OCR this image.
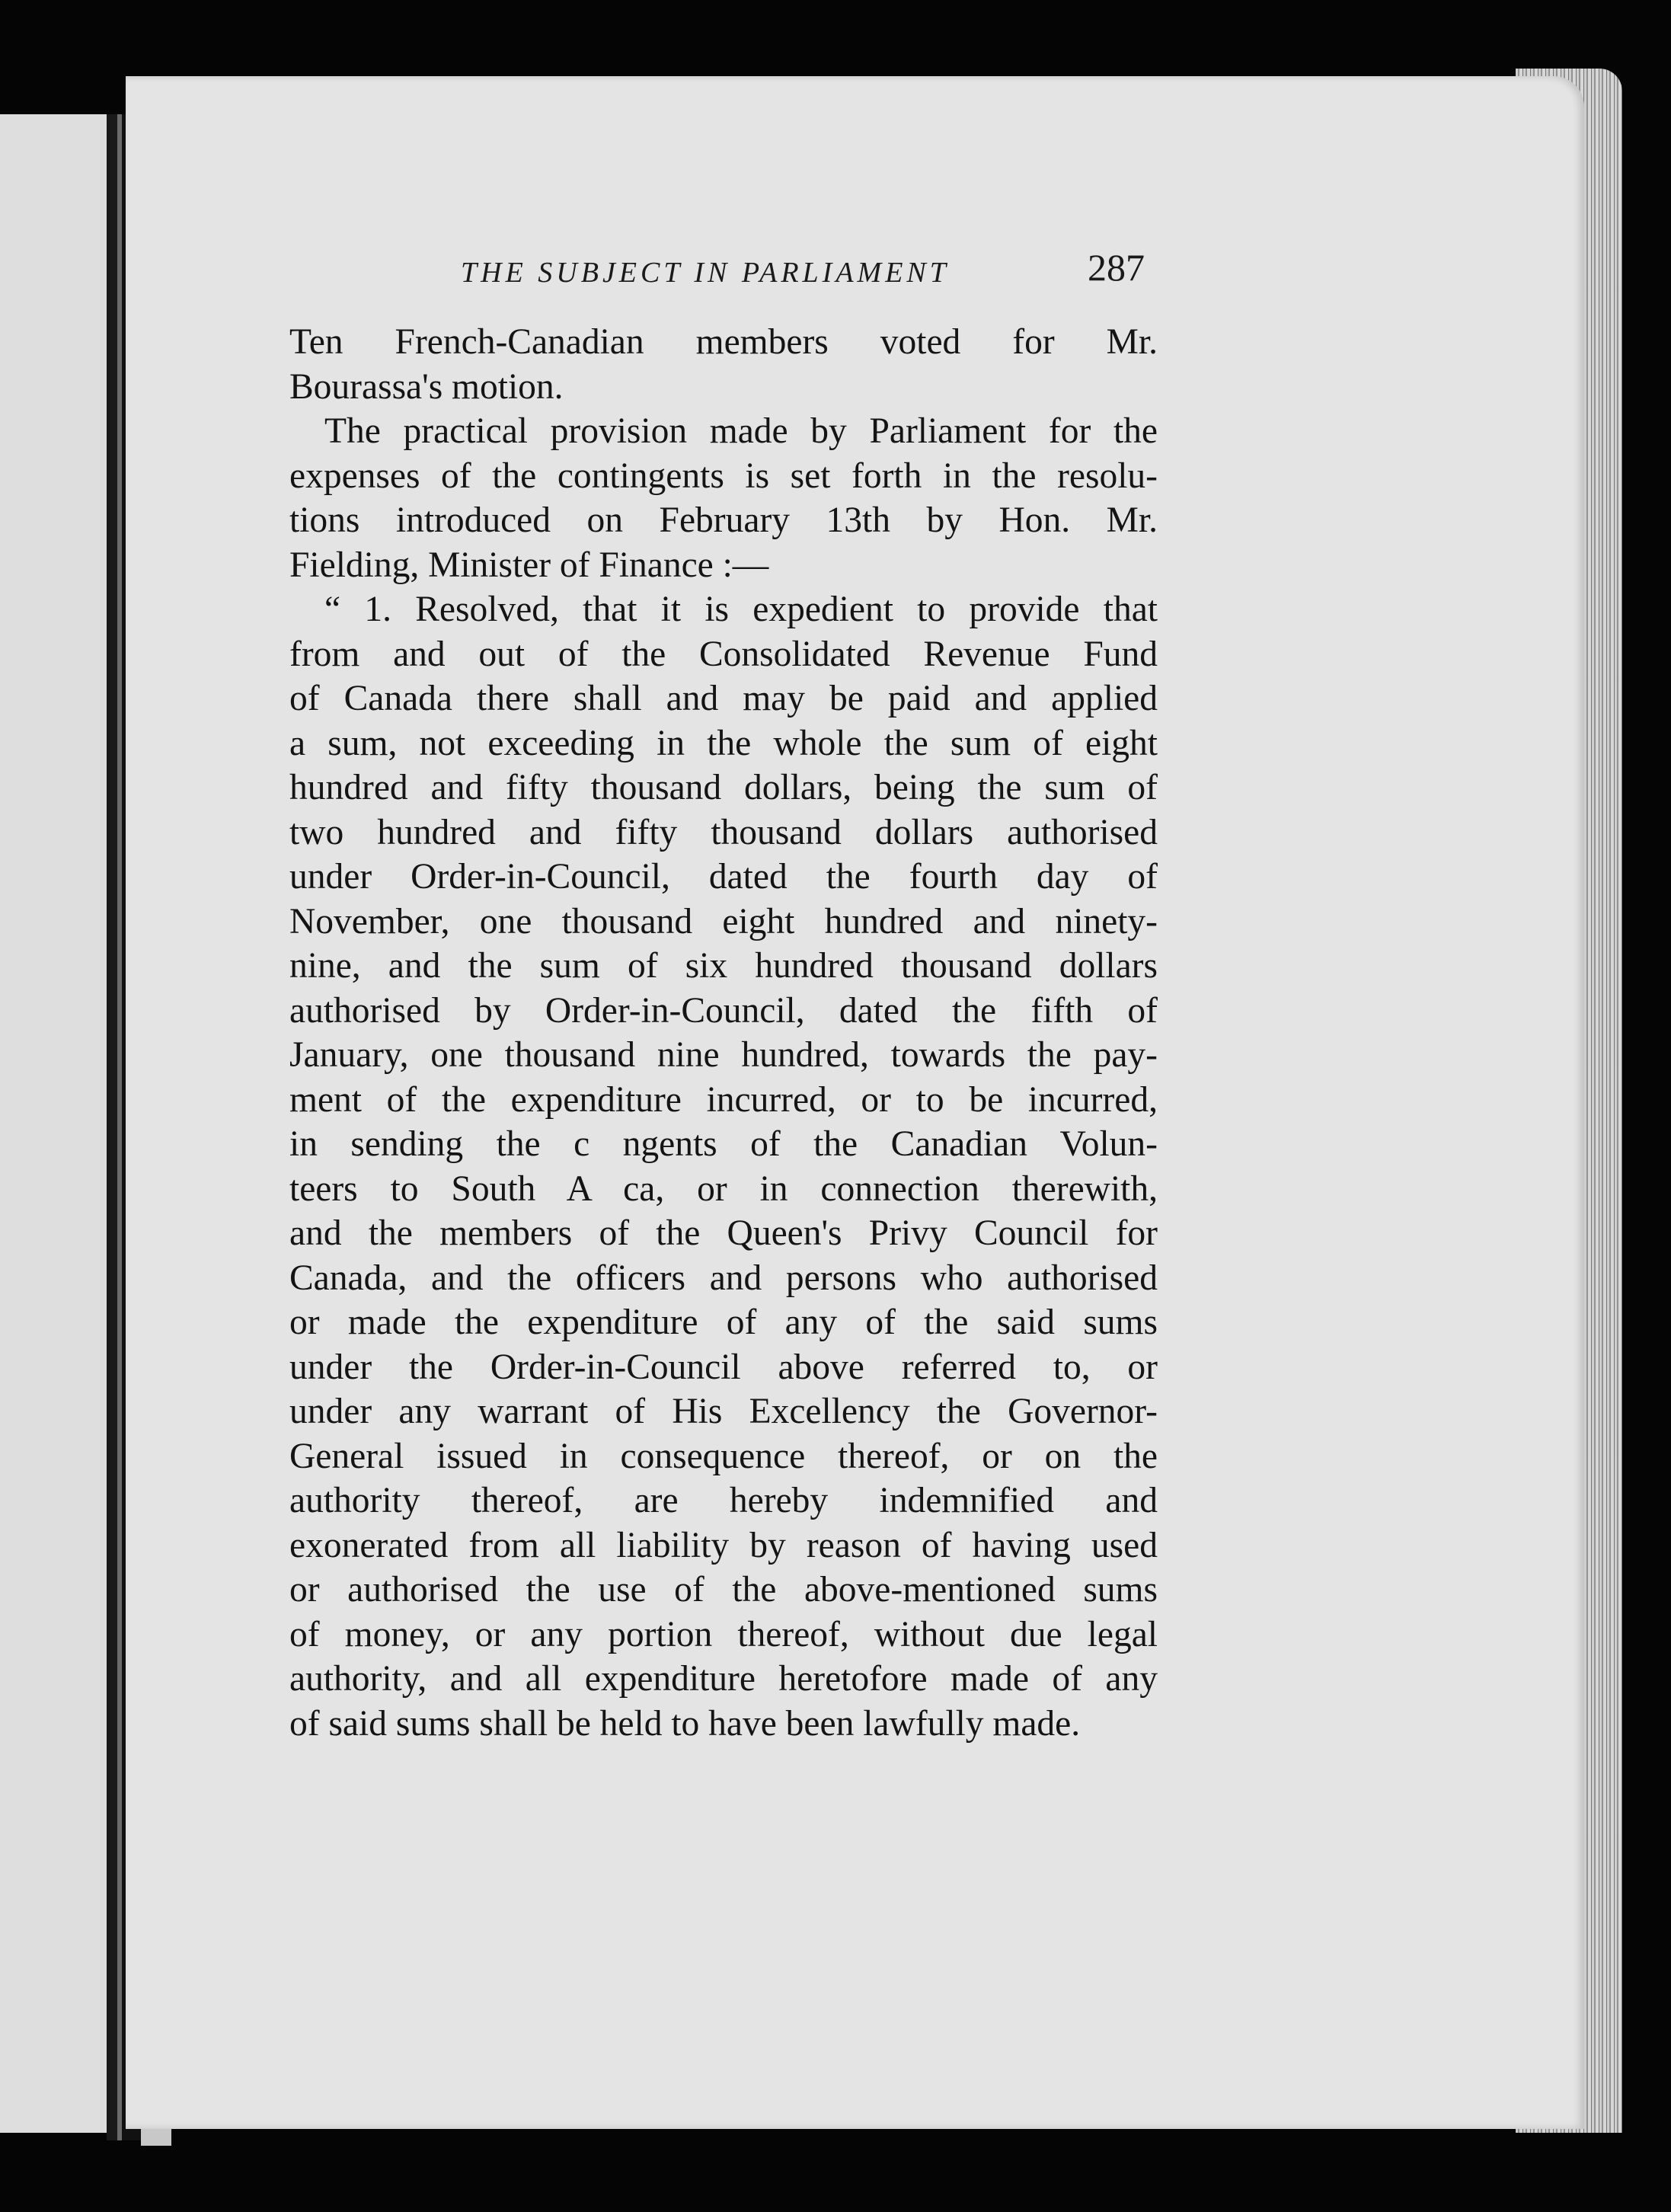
THE SUBJECT IN PARLIAMENT	287
Ten French-Canadian members voted for Mr.
Bourassa's motion.
The practical provision made by Parliament for the
expenses of the contingents is set forth in the resolu-
tions introduced on February 13th by Hon. Mr.
Fielding, Minister of Finance :—
“ 1. Resolved, that it is expedient to provide that
from and out of the Consolidated Revenue Fund
of Canada there shall and may be paid and applied
a sum, not exceeding in the whole the sum of eight
hundred and fifty thousand dollars, being the sum of
two hundred and fifty thousand dollars authorised
under Order-in-Council, dated the fourth day of
November, one thousand eight hundred and ninety-
nine, and the sum of six hundred thousand dollars
authorised by Order-in-Council, dated the fifth of
January, one thousand nine hundred, towards the pay-
ment of the expenditure incurred, or to be incurred,
in sending the c ngents of the Canadian Volun-
teers to South A ca, or in connection therewith,
and the members of the Queen's Privy Council for
Canada, and the officers and persons who authorised
or made the expenditure of any of the said sums
under the Order-in-Council above referred to, or
under any warrant of His Excellency the Governor-
General issued in consequence thereof, or on the
authority thereof, are hereby indemnified and
exonerated from all liability by reason of having used
or authorised the use of the above-mentioned sums
of money, or any portion thereof, without due legal
authority, and all expenditure heretofore made of any
of said sums shall be held to have been lawfully made.
